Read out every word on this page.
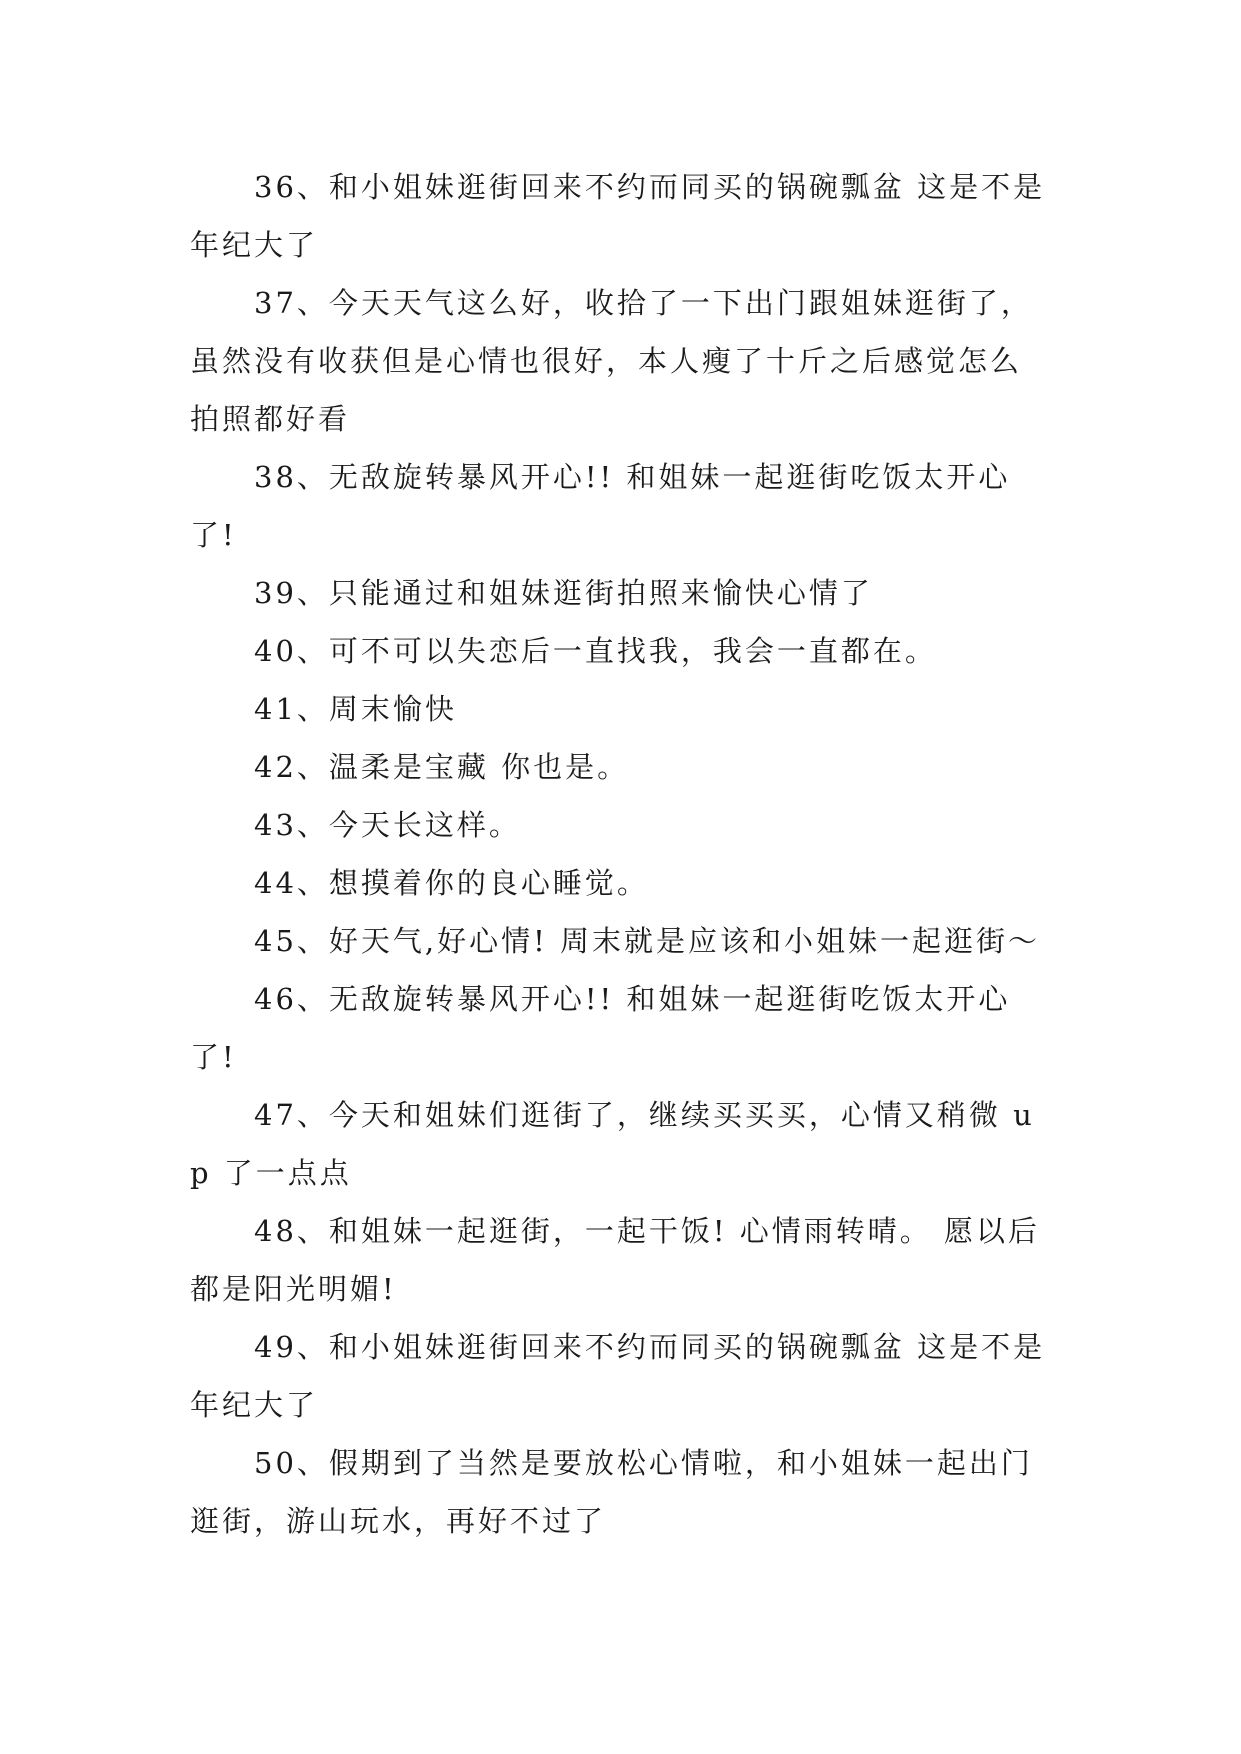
36、和小姐妹逛街回来不约而同买的锅碗瓢盆 这是不是年纪大了

37、今天天气这么好，收拾了一下出门跟姐妹逛街了，虽然没有收获但是心情也很好，本人瘦了十斤之后感觉怎么拍照都好看

38、无敌旋转暴风开心!! 和姐妹一起逛街吃饭太开心了!

39、只能通过和姐妹逛街拍照来愉快心情了

40、可不可以失恋后一直找我，我会一直都在。

41、周末愉快

42、温柔是宝藏 你也是。

43、今天长这样。

44、想摸着你的良心睡觉。

45、好天气,好心情! 周末就是应该和小姐妹一起逛街～

46、无敌旋转暴风开心!! 和姐妹一起逛街吃饭太开心了!

47、今天和姐妹们逛街了，继续买买买，心情又稍微 up 了一点点

48、和姐妹一起逛街，一起干饭! 心情雨转晴。 愿以后都是阳光明媚!

49、和小姐妹逛街回来不约而同买的锅碗瓢盆 这是不是年纪大了

50、假期到了当然是要放松心情啦，和小姐妹一起出门逛街，游山玩水，再好不过了
